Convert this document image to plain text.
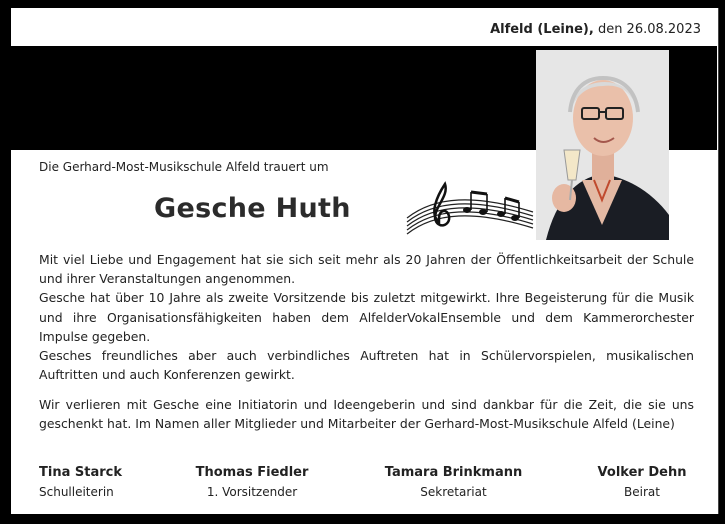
Alfeld (Leine), den 26.08.2023
Die Gerhard-Most-Musikschule Alfeld trauert um
Gesche Huth
Mit viel Liebe und Engagement hat sie sich seit mehr als 20 Jahren der Öffentlichkeitsarbeit der Schule und ihrer Veranstaltungen angenommen.
Gesche hat über 10 Jahre als zweite Vorsitzende bis zuletzt mitgewirkt. Ihre Begeisterung für die Musik und ihre Organisationsfähigkeiten haben dem AlfelderVokalEnsemble und dem Kammerorchester Impulse gegeben.
Gesches freundliches aber auch verbindliches Auftreten hat in Schülervorspielen, musikalischen Auftritten und auch Konferenzen gewirkt.
Wir verlieren mit Gesche eine Initiatorin und Ideengeberin und sind dankbar für die Zeit, die sie uns geschenkt hat. Im Namen aller Mitglieder und Mitarbeiter der Gerhard-Most-Musikschule Alfeld (Leine)
Tina Starck
Schulleiterin
Thomas Fiedler
1. Vorsitzender
Tamara Brinkmann
Sekretariat
Volker Dehn
Beirat
